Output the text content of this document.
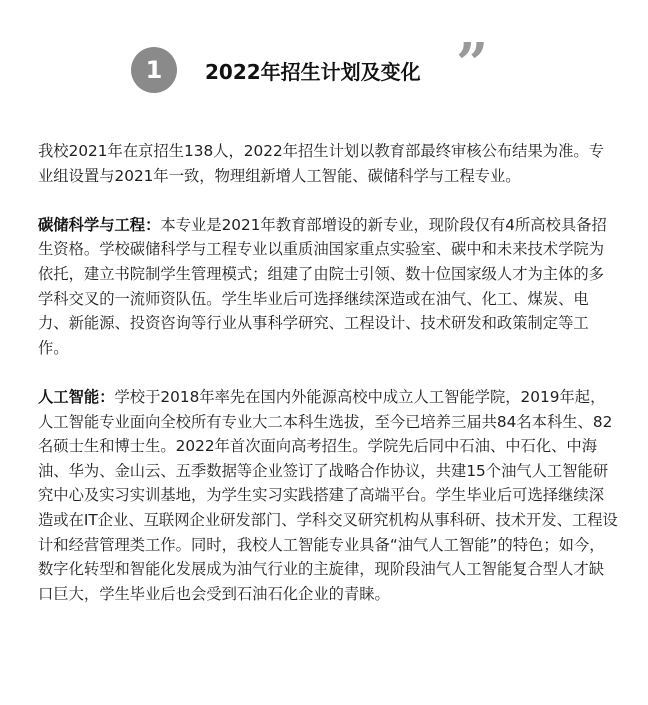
1	2022年招生计划及变化 ”

我校2021年在京招生138人，2022年招生计划以教育部最终审核公布结果为准。专业组设置与2021年一致，物理组新增人工智能、碳储科学与工程专业。

碳储科学与工程：本专业是2021年教育部增设的新专业，现阶段仅有4所高校具备招生资格。学校碳储科学与工程专业以重质油国家重点实验室、碳中和未来技术学院为依托，建立书院制学生管理模式；组建了由院士引领、数十位国家级人才为主体的多学科交叉的一流师资队伍。学生毕业后可选择继续深造或在油气、化工、煤炭、电力、新能源、投资咨询等行业从事科学研究、工程设计、技术研发和政策制定等工作。

人工智能：学校于2018年率先在国内外能源高校中成立人工智能学院，2019年起，人工智能专业面向全校所有专业大二本科生选拔，至今已培养三届共84名本科生、82名硕士生和博士生。2022年首次面向高考招生。学院先后同中石油、中石化、中海油、华为、金山云、五季数据等企业签订了战略合作协议，共建15个油气人工智能研究中心及实习实训基地，为学生实习实践搭建了高端平台。学生毕业后可选择继续深造或在IT企业、互联网企业研发部门、学科交叉研究机构从事科研、技术开发、工程设计和经营管理类工作。同时，我校人工智能专业具备“油气人工智能”的特色；如今，数字化转型和智能化发展成为油气行业的主旋律，现阶段油气人工智能复合型人才缺口巨大，学生毕业后也会受到石油石化企业的青睐。
